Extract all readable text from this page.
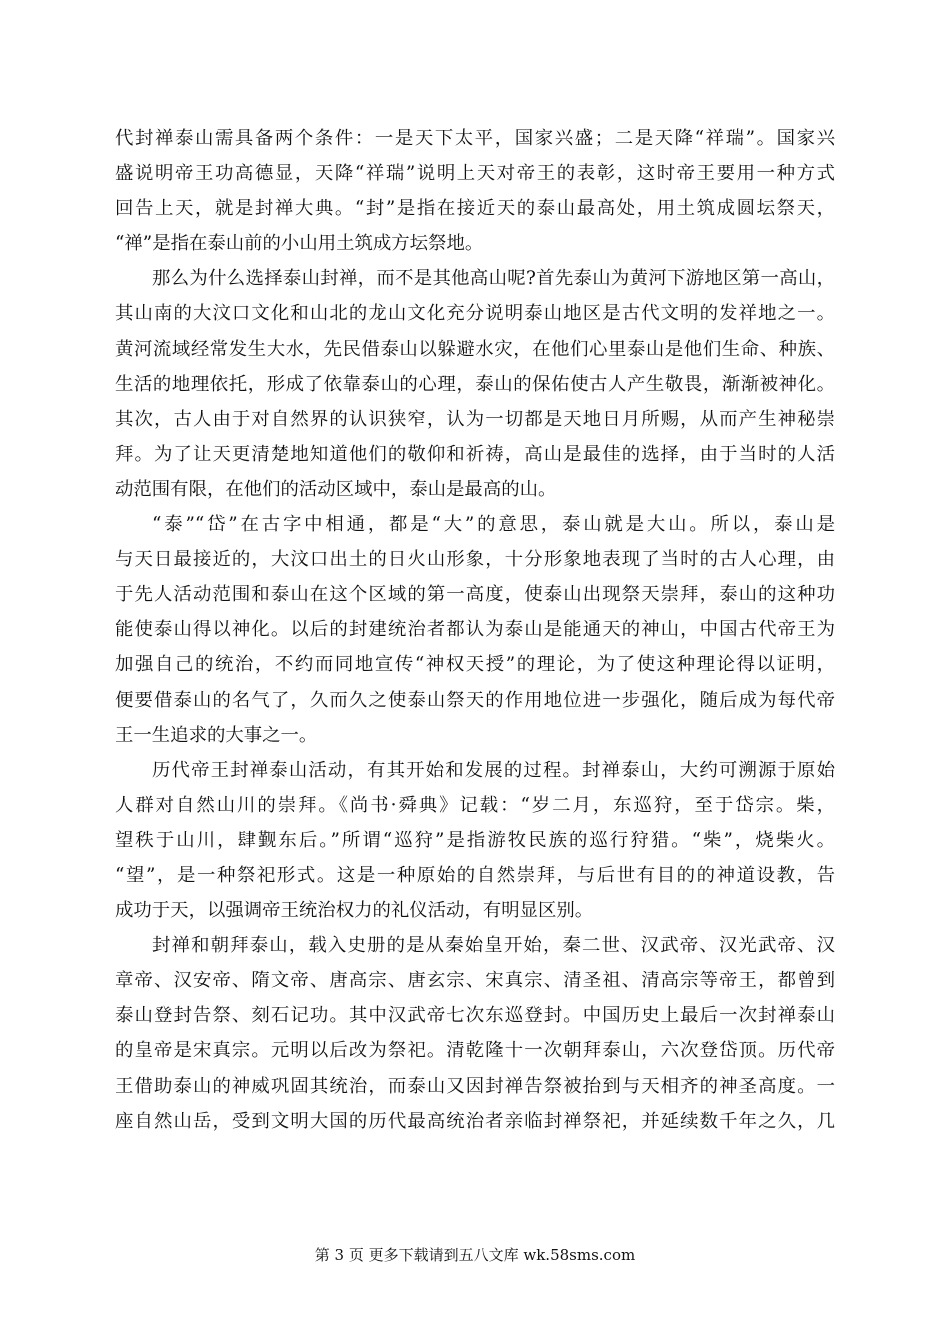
代封禅泰山需具备两个条件：一是天下太平，国家兴盛；二是天降“祥瑞”。国家兴
盛说明帝王功高德显，天降“祥瑞”说明上天对帝王的表彰，这时帝王要用一种方式
回告上天，就是封禅大典。“封”是指在接近天的泰山最高处，用土筑成圆坛祭天，
“禅”是指在泰山前的小山用土筑成方坛祭地。
那么为什么选择泰山封禅，而不是其他高山呢?首先泰山为黄河下游地区第一高山，
其山南的大汶口文化和山北的龙山文化充分说明泰山地区是古代文明的发祥地之一。
黄河流域经常发生大水，先民借泰山以躲避水灾，在他们心里泰山是他们生命、种族、
生活的地理依托，形成了依靠泰山的心理，泰山的保佑使古人产生敬畏，渐渐被神化。
其次，古人由于对自然界的认识狭窄，认为一切都是天地日月所赐，从而产生神秘崇
拜。为了让天更清楚地知道他们的敬仰和祈祷，高山是最佳的选择，由于当时的人活
动范围有限，在他们的活动区域中，泰山是最高的山。
“泰”“岱”在古字中相通，都是“大”的意思，泰山就是大山。所以，泰山是
与天日最接近的，大汶口出土的日火山形象，十分形象地表现了当时的古人心理，由
于先人活动范围和泰山在这个区域的第一高度，使泰山出现祭天崇拜，泰山的这种功
能使泰山得以神化。以后的封建统治者都认为泰山是能通天的神山，中国古代帝王为
加强自己的统治，不约而同地宣传“神权天授”的理论，为了使这种理论得以证明，
便要借泰山的名气了，久而久之使泰山祭天的作用地位进一步强化，随后成为每代帝
王一生追求的大事之一。
历代帝王封禅泰山活动，有其开始和发展的过程。封禅泰山，大约可溯源于原始
人群对自然山川的崇拜。《尚书·舜典》记载：“岁二月，东巡狩，至于岱宗。柴，
望秩于山川，肆觐东后。”所谓“巡狩”是指游牧民族的巡行狩猎。“柴”，烧柴火。
“望”，是一种祭祀形式。这是一种原始的自然崇拜，与后世有目的的神道设教，告
成功于天，以强调帝王统治权力的礼仪活动，有明显区别。
封禅和朝拜泰山，载入史册的是从秦始皇开始，秦二世、汉武帝、汉光武帝、汉
章帝、汉安帝、隋文帝、唐高宗、唐玄宗、宋真宗、清圣祖、清高宗等帝王，都曾到
泰山登封告祭、刻石记功。其中汉武帝七次东巡登封。中国历史上最后一次封禅泰山
的皇帝是宋真宗。元明以后改为祭祀。清乾隆十一次朝拜泰山，六次登岱顶。历代帝
王借助泰山的神威巩固其统治，而泰山又因封禅告祭被抬到与天相齐的神圣高度。一
座自然山岳，受到文明大国的历代最高统治者亲临封禅祭祀，并延续数千年之久，几
第 3 页 更多下载请到五八文库 wk.58sms.com
